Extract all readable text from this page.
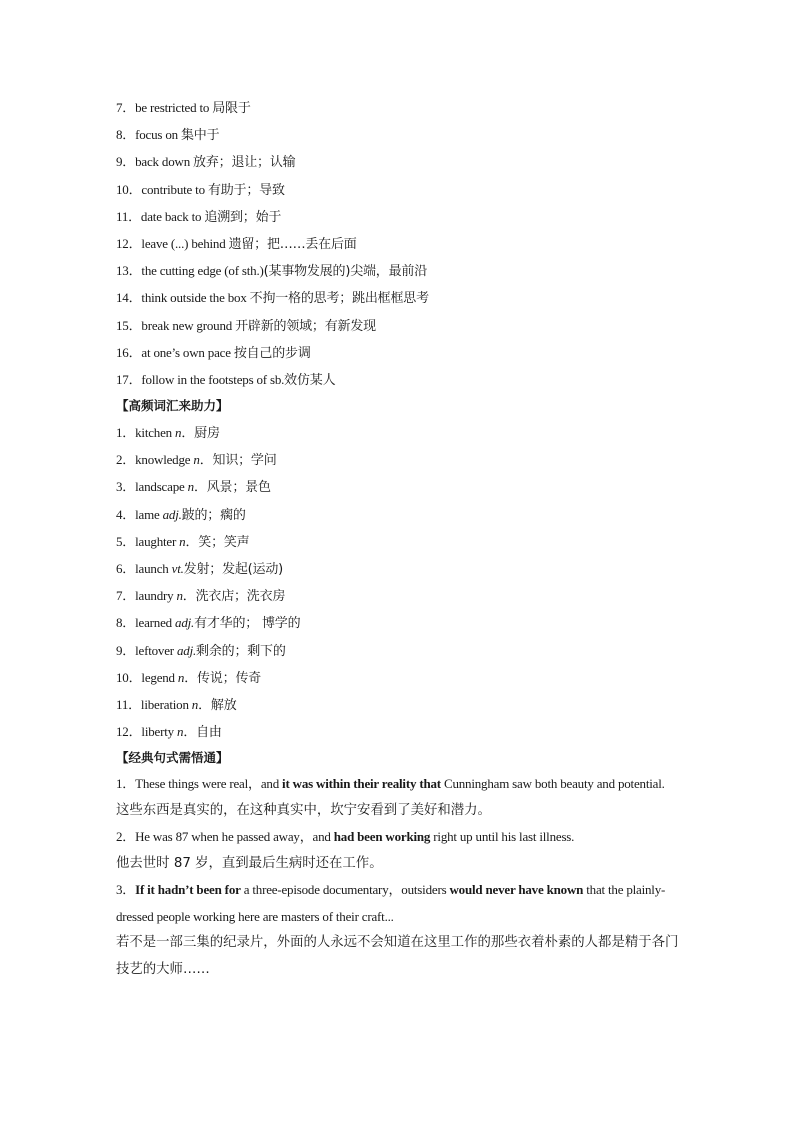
7．be restricted to 局限于
8．focus on 集中于
9．back down 放弃；退让；认输
10．contribute to 有助于；导致
11．date back to 追溯到；始于
12．leave (...) behind 遗留；把……丢在后面
13．the cutting edge (of sth.)(某事物发展的)尖端，最前沿
14．think outside the box 不拘一格的思考；跳出框框思考
15．break new ground 开辟新的领域；有新发现
16．at one’s own pace 按自己的步调
17．follow in the footsteps of sb.效仿某人
【高频词汇来助力】
1．kitchen n．厨房
2．knowledge n．知识；学问
3．landscape n．风景；景色
4．lame adj.跛的；瘸的
5．laughter n．笑；笑声
6．launch vt.发射；发起(运动)
7．laundry n．洗衣店；洗衣房
8．learned adj.有才华的； 博学的
9．leftover adj.剩余的；剩下的
10．legend n．传说；传奇
11．liberation n．解放
12．liberty n．自由
【经典句式需悟通】
1．These things were real，and it was within their reality that Cunningham saw both beauty and potential.
这些东西是真实的，在这种真实中，坎宁安看到了美好和潜力。
2．He was 87 when he passed away，and had been working right up until his last illness.
他去世时 87 岁，直到最后生病时还在工作。
3．If it hadn’t been for a three-episode documentary，outsiders would never have known that the plainly-dressed people working here are masters of their craft...
若不是一部三集的纪录片，外面的人永远不会知道在这里工作的那些衣着朴素的人都是精于各门技艺的大师……
